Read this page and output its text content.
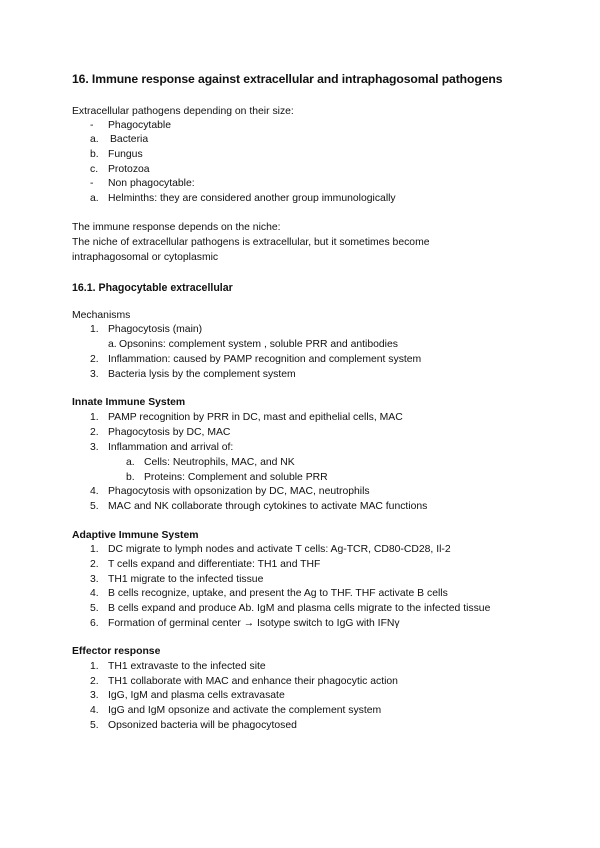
16. Immune response against extracellular and intraphagosomal pathogens
Extracellular pathogens depending on their size:
- Phagocytable
a. Bacteria
b. Fungus
c. Protozoa
- Non phagocytable:
a. Helminths: they are considered another group immunologically
The immune response depends on the niche:
The niche of extracellular pathogens is extracellular, but it sometimes become
intraphagosomal or cytoplasmic
16.1. Phagocytable extracellular
Mechanisms
1. Phagocytosis (main)
a. Opsonins: complement system , soluble PRR and antibodies
2. Inflammation: caused by PAMP recognition and complement system
3. Bacteria lysis by the complement system
Innate Immune System
1. PAMP recognition by PRR in DC, mast and epithelial cells, MAC
2. Phagocytosis by DC, MAC
3. Inflammation and arrival of:
a. Cells: Neutrophils, MAC, and NK
b. Proteins: Complement and soluble PRR
4. Phagocytosis with opsonization by DC, MAC, neutrophils
5. MAC and NK collaborate through cytokines to activate MAC functions
Adaptive Immune System
1. DC migrate to lymph nodes and activate T cells: Ag-TCR, CD80-CD28, Il-2
2. T cells expand and differentiate: TH1 and THF
3. TH1 migrate to the infected tissue
4. B cells recognize, uptake, and present the Ag to THF. THF activate B cells
5. B cells expand and produce Ab. IgM and plasma cells migrate to the infected tissue
6. Formation of germinal center → Isotype switch to IgG with IFNγ
Effector response
1. TH1 extravaste to the infected site
2. TH1 collaborate with MAC and enhance their phagocytic action
3. IgG, IgM and plasma cells extravasate
4. IgG and IgM opsonize and activate the complement system
5. Opsonized bacteria will be phagocytosed
